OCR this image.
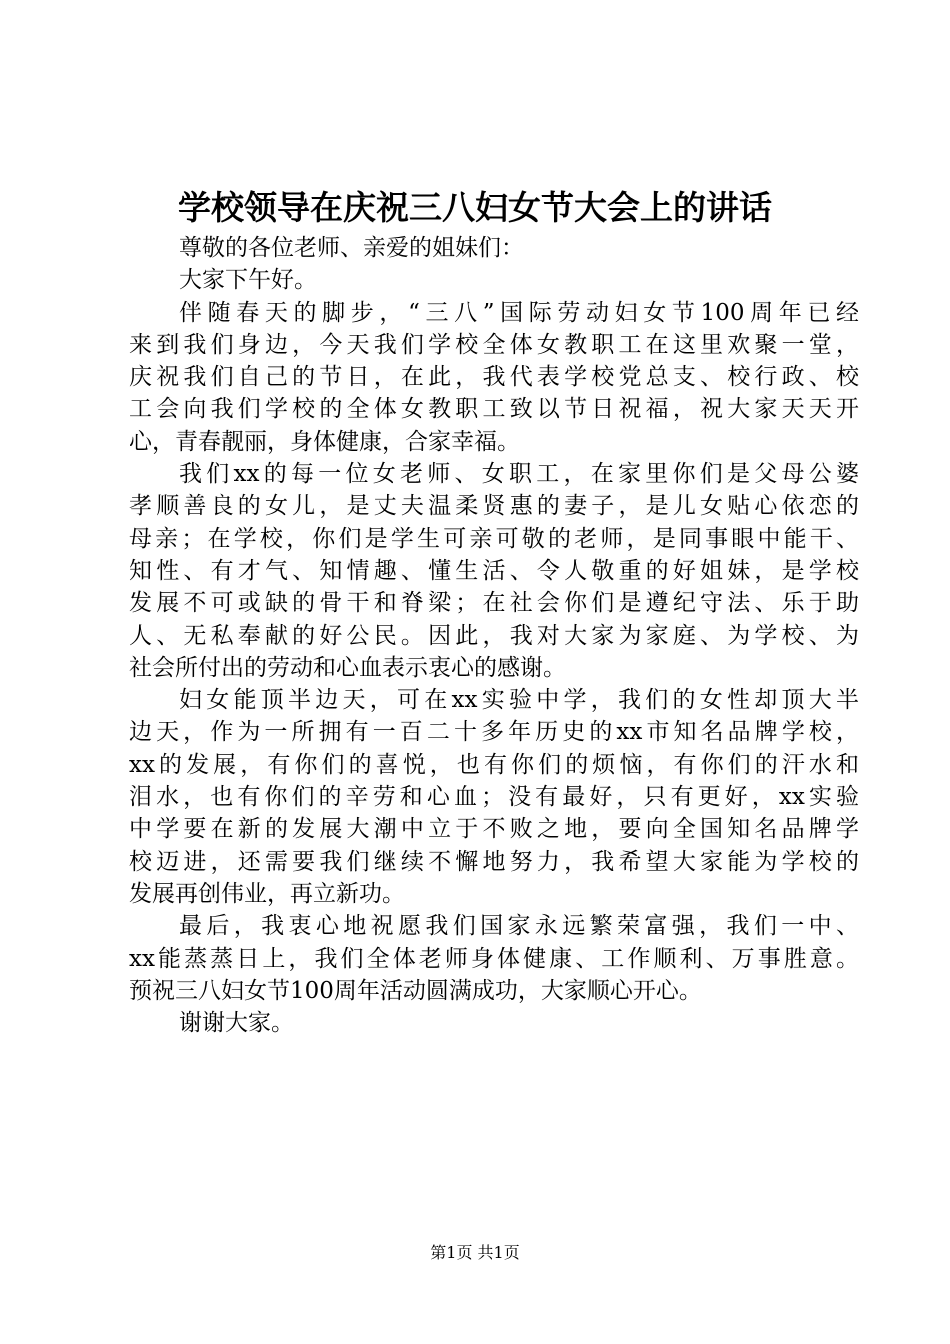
学校领导在庆祝三八妇女节大会上的讲话
尊敬的各位老师、亲爱的姐妹们：
大家下午好。
伴随春天的脚步，“三八”国际劳动妇女节100周年已经
来到我们身边，今天我们学校全体女教职工在这里欢聚一堂，
庆祝我们自己的节日，在此，我代表学校党总支、校行政、校
工会向我们学校的全体女教职工致以节日祝福，祝大家天天开
心，青春靓丽，身体健康，合家幸福。
我们xx的每一位女老师、女职工，在家里你们是父母公婆
孝顺善良的女儿，是丈夫温柔贤惠的妻子，是儿女贴心依恋的
母亲；在学校，你们是学生可亲可敬的老师，是同事眼中能干、
知性、有才气、知情趣、懂生活、令人敬重的好姐妹，是学校
发展不可或缺的骨干和脊梁；在社会你们是遵纪守法、乐于助
人、无私奉献的好公民。因此，我对大家为家庭、为学校、为
社会所付出的劳动和心血表示衷心的感谢。
妇女能顶半边天，可在xx实验中学，我们的女性却顶大半
边天，作为一所拥有一百二十多年历史的xx市知名品牌学校，
xx的发展，有你们的喜悦，也有你们的烦恼，有你们的汗水和
泪水，也有你们的辛劳和心血；没有最好，只有更好，xx实验
中学要在新的发展大潮中立于不败之地，要向全国知名品牌学
校迈进，还需要我们继续不懈地努力，我希望大家能为学校的
发展再创伟业，再立新功。
最后，我衷心地祝愿我们国家永远繁荣富强，我们一中、
xx能蒸蒸日上，我们全体老师身体健康、工作顺利、万事胜意。
预祝三八妇女节100周年活动圆满成功，大家顺心开心。
谢谢大家。
第1页 共1页
